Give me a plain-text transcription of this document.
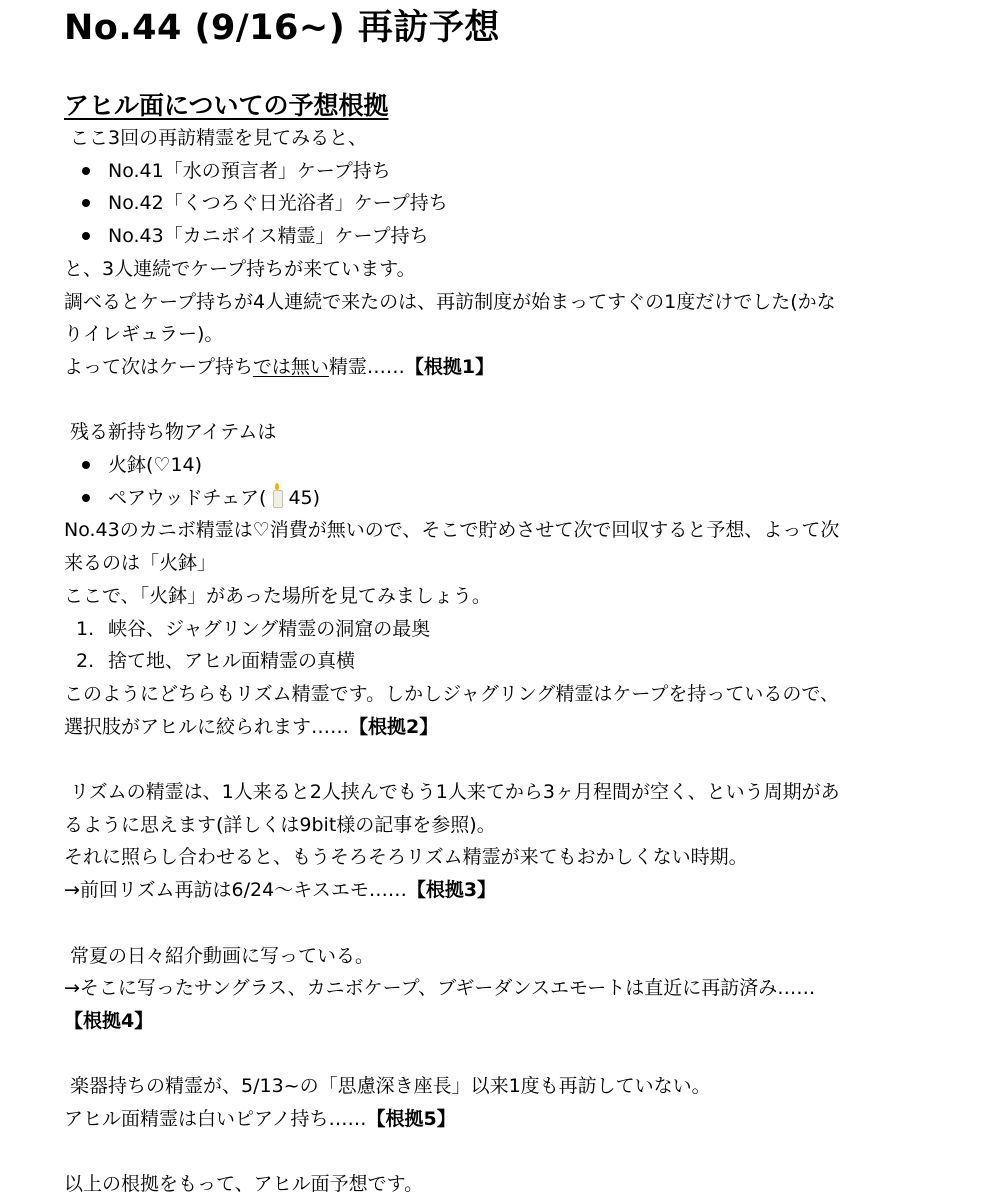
No.44 (9/16~) 再訪予想
アヒル面についての予想根拠
ここ3回の再訪精霊を見てみると、
No.41「水の預言者」ケープ持ち
No.42「くつろぐ日光浴者」ケープ持ち
No.43「カニボイス精霊」ケープ持ち
と、3人連続でケープ持ちが来ています。
調べるとケープ持ちが4人連続で来たのは、再訪制度が始まってすぐの1度だけでした(かな
りイレギュラー)。
よって次はケープ持ちでは無い精霊……【根拠1】
残る新持ち物アイテムは
火鉢(♡14)
ペアウッドチェア( 45)
No.43のカニボ精霊は♡消費が無いので、そこで貯めさせて次で回収すると予想、よって次
来るのは「火鉢」
ここで、「火鉢」があった場所を見てみましょう。
1. 峡谷、ジャグリング精霊の洞窟の最奥
2. 捨て地、アヒル面精霊の真横
このようにどちらもリズム精霊です。しかしジャグリング精霊はケープを持っているので、
選択肢がアヒルに絞られます……【根拠2】
リズムの精霊は、1人来ると2人挟んでもう1人来てから3ヶ月程間が空く、という周期があ
るように思えます(詳しくは9bit様の記事を参照)。
それに照らし合わせると、もうそろそろリズム精霊が来てもおかしくない時期。
→前回リズム再訪は6/24〜キスエモ……【根拠3】
常夏の日々紹介動画に写っている。
→そこに写ったサングラス、カニボケープ、ブギーダンスエモートは直近に再訪済み……
【根拠4】
楽器持ちの精霊が、5/13~の「思慮深き座長」以来1度も再訪していない。
アヒル面精霊は白いピアノ持ち……【根拠5】
以上の根拠をもって、アヒル面予想です。
